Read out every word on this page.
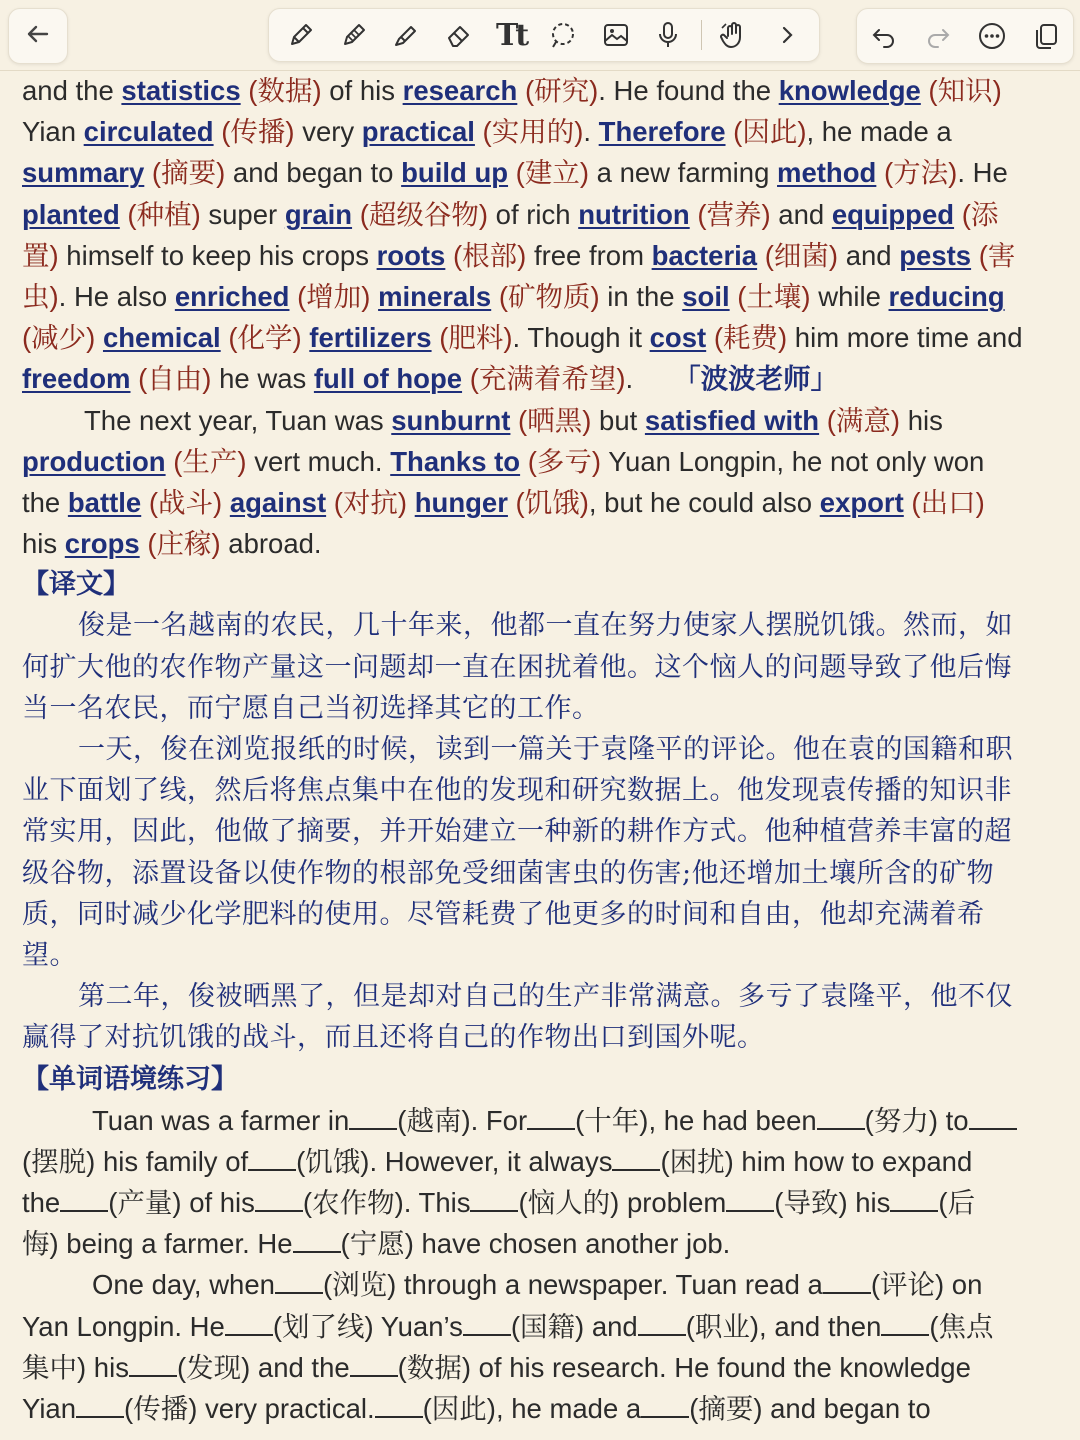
Tt
and the statistics (数据) of his research (研究). He found the knowledge (知识)
Yian circulated (传播) very practical (实用的). Therefore (因此), he made a
summary (摘要) and began to build up (建立) a new farming method (方法). He
planted (种植) super grain (超级谷物) of rich nutrition (营养) and equipped (添
置) himself to keep his crops roots (根部) free from bacteria (细菌) and pests (害
虫). He also enriched (增加) minerals (矿物质) in the soil (土壤) while reducing
(减少) chemical (化学) fertilizers (肥料). Though it cost (耗费) him more time and
freedom (自由) he was full of hope (充满着希望). 「波波老师」
The next year, Tuan was sunburnt (晒黑) but satisfied with (满意) his
production (生产) vert much. Thanks to (多亏) Yuan Longpin, he not only won
the battle (战斗) against (对抗) hunger (饥饿), but he could also export (出口)
his crops (庄稼) abroad.
【译文】
俊是一名越南的农民，几十年来，他都一直在努力使家人摆脱饥饿。然而，如
何扩大他的农作物产量这一问题却一直在困扰着他。这个恼人的问题导致了他后悔
当一名农民，而宁愿自己当初选择其它的工作。
一天，俊在浏览报纸的时候，读到一篇关于袁隆平的评论。他在袁的国籍和职
业下面划了线，然后将焦点集中在他的发现和研究数据上。他发现袁传播的知识非
常实用，因此，他做了摘要，并开始建立一种新的耕作方式。他种植营养丰富的超
级谷物，添置设备以使作物的根部免受细菌害虫的伤害;他还增加土壤所含的矿物
质，同时减少化学肥料的使用。尽管耗费了他更多的时间和自由，他却充满着希
望。
第二年，俊被晒黑了，但是却对自己的生产非常满意。多亏了袁隆平，他不仅
赢得了对抗饥饿的战斗，而且还将自己的作物出口到国外呢。
【单词语境练习】
Tuan was a farmer in (越南). For (十年), he had been (努力) to
(摆脱) his family of (饥饿). However, it always (困扰) him how to expand
the (产量) of his (农作物). This (恼人的) problem (导致) his (后
悔) being a farmer. He (宁愿) have chosen another job.
One day, when (浏览) through a newspaper. Tuan read a (评论) on
Yan Longpin. He (划了线) Yuan’s (国籍) and (职业), and then (焦点
集中) his (发现) and the (数据) of his research. He found the knowledge
Yian (传播) very practical. (因此), he made a (摘要) and began to
